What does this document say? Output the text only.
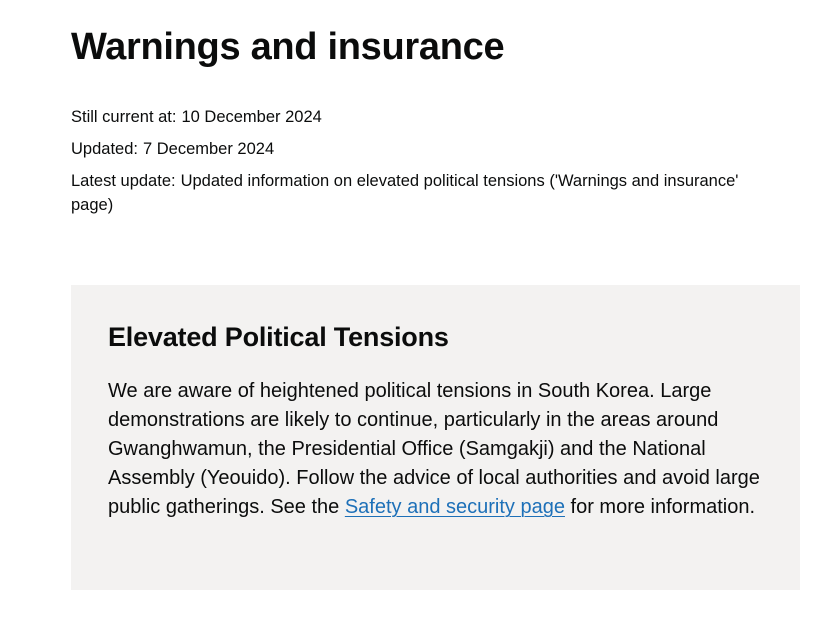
Warnings and insurance

Still current at: 10 December 2024

Updated: 7 December 2024

Latest update: Updated information on elevated political tensions ('Warnings and insurance' page)

Elevated Political Tensions

We are aware of heightened political tensions in South Korea. Large demonstrations are likely to continue, particularly in the areas around Gwanghwamun, the Presidential Office (Samgakji) and the National Assembly (Yeouido). Follow the advice of local authorities and avoid large public gatherings. See the Safety and security page for more information.
